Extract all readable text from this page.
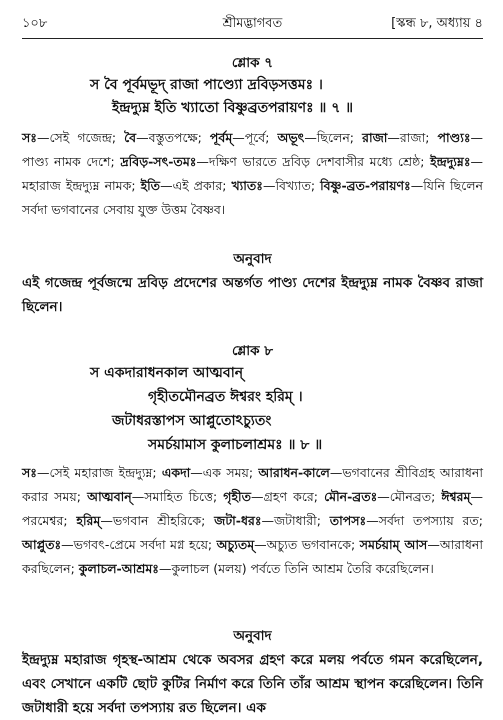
১০৮	শ্রীমদ্ভাগবত	[স্কন্ধ ৮, অধ্যায় ৪
শ্লোক ৭
স বৈ পূর্বমভূদ্‌ রাজা পাণ্ড্যো দ্রবিড়সত্তমঃ ।
ইন্দ্রদ্যুম্ন ইতি খ্যাতো বিষ্ণুব্রতপরায়ণঃ ॥ ৭ ॥
সঃ—সেই গজেন্দ্র; বৈ—বস্তুতপক্ষে; পূর্বম্—পূর্বে; অভূৎ—ছিলেন; রাজা—রাজা; পাণ্ড্যঃ—পাণ্ড্য নামক দেশে; দ্রবিড়-সৎ-তমঃ—দক্ষিণ ভারতে দ্রবিড় দেশবাসীর মধ্যে শ্রেষ্ঠ; ইন্দ্রদ্যুম্নঃ—মহারাজ ইন্দ্রদ্যুম্ন নামক; ইতি—এই প্রকার; খ্যাতঃ—বিখ্যাত; বিষ্ণু-ব্রত-পরায়ণঃ—যিনি ছিলেন সর্বদা ভগবানের সেবায় যুক্ত উত্তম বৈষ্ণব।
অনুবাদ
এই গজেন্দ্র পূর্বজন্মে দ্রবিড় প্রদেশের অন্তর্গত পাণ্ড্য দেশের ইন্দ্রদ্যুম্ন নামক বৈষ্ণব রাজা ছিলেন।
শ্লোক ৮
স একদারাধনকাল আত্মবান্
গৃহীতমৌনব্রত ঈশ্বরং হরিম্‌ ।
জটাধরস্তাপস আপ্লুতোঽচ্যুতং
সমর্চয়ামাস কুলাচলাশ্রমঃ ॥ ৮ ॥
সঃ—সেই মহারাজ ইন্দ্রদ্যুম্ন; একদা—এক সময়; আরাধন-কালে—ভগবানের শ্রীবিগ্রহ আরাধনা করার সময়; আত্মবান্—সমাহিত চিত্তে; গৃহীত—গ্রহণ করে; মৌন-ব্রতঃ—মৌনব্রত; ঈশ্বরম্—পরমেশ্বর; হরিম্—ভগবান শ্রীহরিকে; জটা-ধরঃ—জটাধারী; তাপসঃ—সর্বদা তপস্যায় রত; আপ্লুতঃ—ভগবৎ-প্রেমে সর্বদা মগ্ন হয়ে; অচ্যুতম্—অচ্যুত ভগবানকে; সমর্চয়াম্ আস—আরাধনা করছিলেন; কুলাচল-আশ্রমঃ—কুলাচল (মলয়) পর্বতে তিনি আশ্রম তৈরি করেছিলেন।
অনুবাদ
ইন্দ্রদ্যুম্ন মহারাজ গৃহস্থ-আশ্রম থেকে অবসর গ্রহণ করে মলয় পর্বতে গমন করেছিলেন, এবং সেখানে একটি ছোট কুটির নির্মাণ করে তিনি তাঁর আশ্রম স্থাপন করেছিলেন। তিনি জটাধারী হয়ে সর্বদা তপস্যায় রত ছিলেন। এক
